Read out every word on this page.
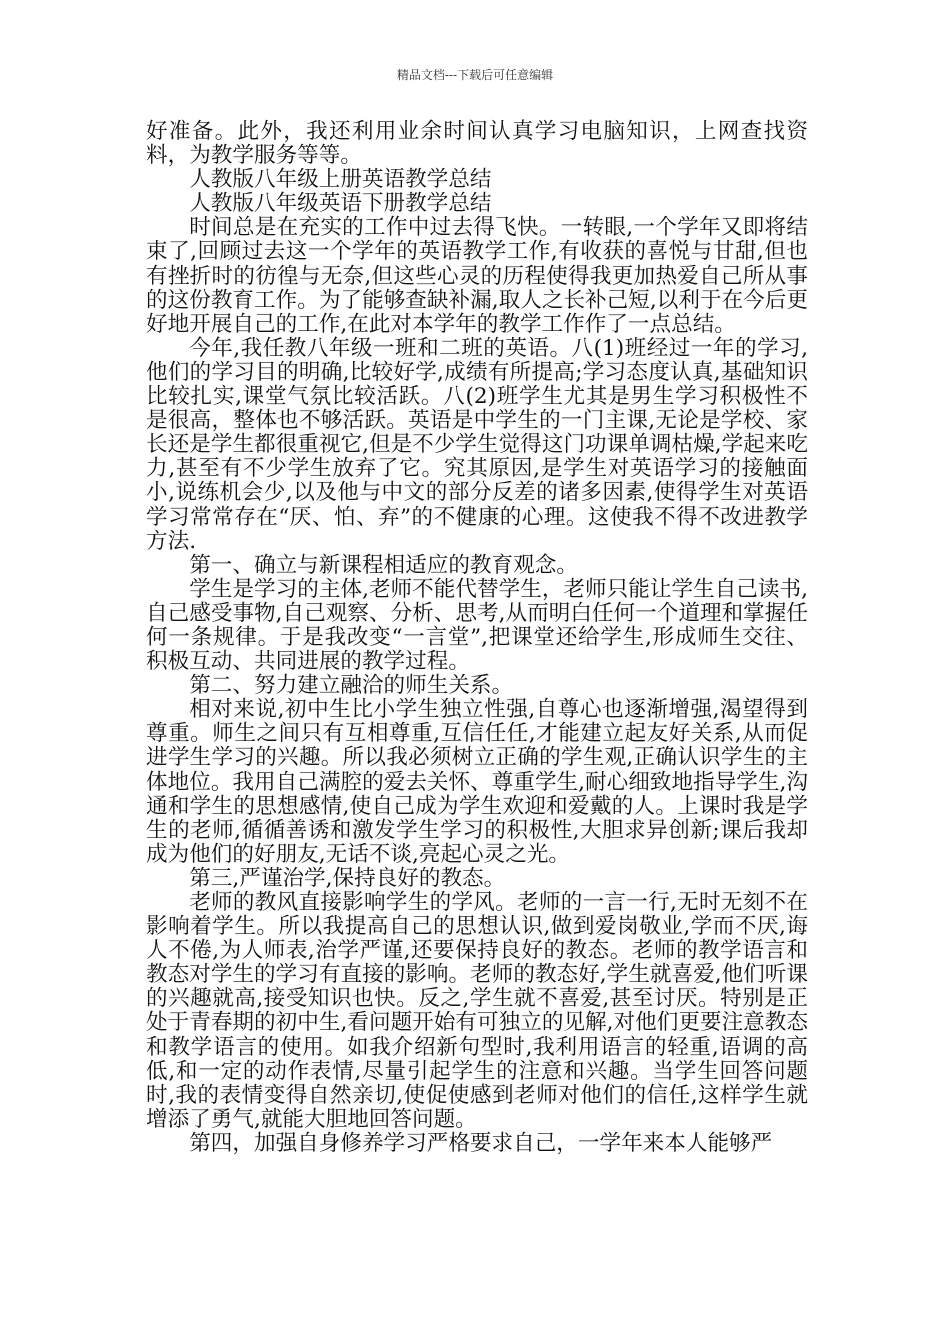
精品文档---下载后可任意编辑

好准备。此外，我还利用业余时间认真学习电脑知识，上网查找资料，为教学服务等等。

人教版八年级上册英语教学总结

人教版八年级英语下册教学总结

时间总是在充实的工作中过去得飞快。一转眼,一个学年又即将结束了,回顾过去这一个学年的英语教学工作,有收获的喜悦与甘甜,但也有挫折时的彷徨与无奈,但这些心灵的历程使得我更加热爱自己所从事的这份教育工作。为了能够查缺补漏,取人之长补己短,以利于在今后更好地开展自己的工作,在此对本学年的教学工作作了一点总结。

今年,我任教八年级一班和二班的英语。八(1)班经过一年的学习,他们的学习目的明确,比较好学,成绩有所提高;学习态度认真,基础知识比较扎实,课堂气氛比较活跃。八(2)班学生尤其是男生学习积极性不是很高，整体也不够活跃。英语是中学生的一门主课,无论是学校、家长还是学生都很重视它,但是不少学生觉得这门功课单调枯燥,学起来吃力,甚至有不少学生放弃了它。究其原因,是学生对英语学习的接触面小,说练机会少,以及他与中文的部分反差的诸多因素,使得学生对英语学习常常存在“厌、怕、弃”的不健康的心理。这使我不得不改进教学方法.

第一、确立与新课程相适应的教育观念。

学生是学习的主体,老师不能代替学生，老师只能让学生自己读书,自己感受事物,自己观察、分析、思考,从而明白任何一个道理和掌握任何一条规律。于是我改变“一言堂”,把课堂还给学生,形成师生交往、积极互动、共同进展的教学过程。

第二、努力建立融洽的师生关系。

相对来说,初中生比小学生独立性强,自尊心也逐渐增强,渴望得到尊重。师生之间只有互相尊重,互信任任,才能建立起友好关系,从而促进学生学习的兴趣。所以我必须树立正确的学生观,正确认识学生的主体地位。我用自己满腔的爱去关怀、尊重学生,耐心细致地指导学生,沟通和学生的思想感情,使自己成为学生欢迎和爱戴的人。上课时我是学生的老师,循循善诱和激发学生学习的积极性,大胆求异创新;课后我却成为他们的好朋友,无话不谈,亮起心灵之光。

第三,严谨治学,保持良好的教态。

老师的教风直接影响学生的学风。老师的一言一行,无时无刻不在影响着学生。所以我提高自己的思想认识,做到爱岗敬业,学而不厌,诲人不倦,为人师表,治学严谨,还要保持良好的教态。老师的教学语言和教态对学生的学习有直接的影响。老师的教态好,学生就喜爱,他们听课的兴趣就高,接受知识也快。反之,学生就不喜爱,甚至讨厌。特别是正处于青春期的初中生,看问题开始有可独立的见解,对他们更要注意教态和教学语言的使用。如我介绍新句型时,我利用语言的轻重,语调的高低,和一定的动作表情,尽量引起学生的注意和兴趣。当学生回答问题时,我的表情变得自然亲切,使促使感到老师对他们的信任,这样学生就增添了勇气,就能大胆地回答问题。

第四，加强自身修养学习严格要求自己，一学年来本人能够严
